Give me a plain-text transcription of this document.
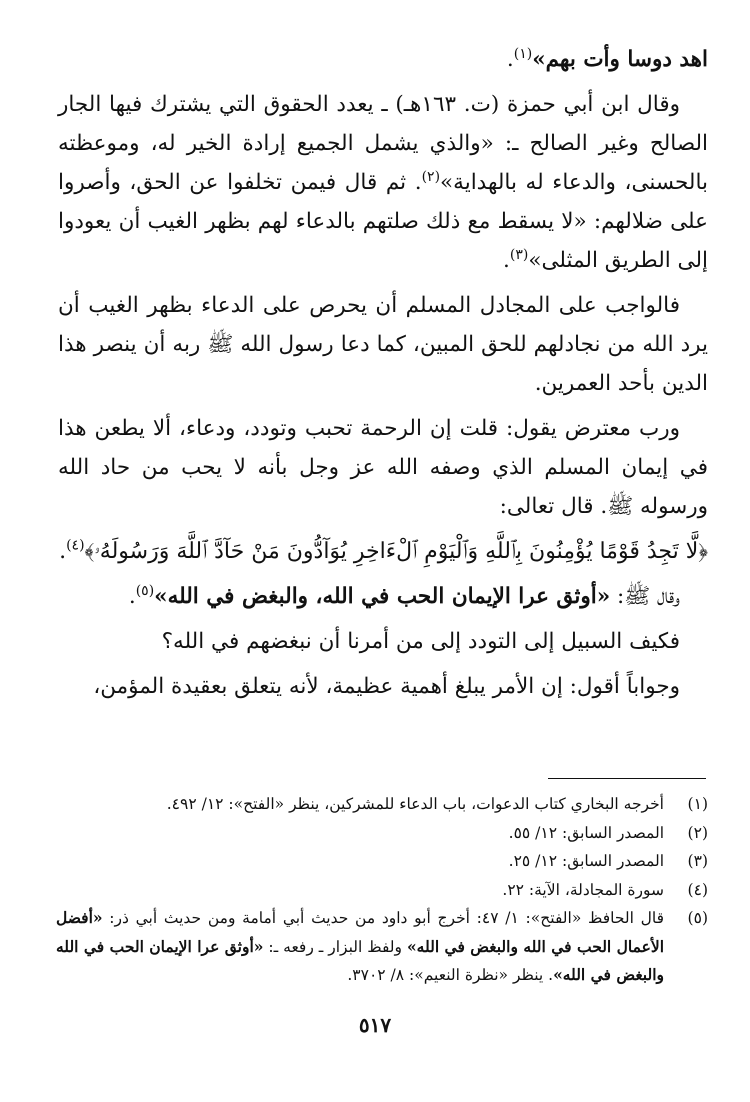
اهد دوسا وأت بهم»$^{(١)}$.

وقال ابن أبي حمزة (ت. ١٦٣هـ) ـ يعدد الحقوق التي يشترك فيها الجار الصالح وغير الصالح ـ: «والذي يشمل الجميع إرادة الخير له، وموعظته بالحسنى، والدعاء له بالهداية»$^{(٢)}$. ثم قال فيمن تخلفوا عن الحق، وأصروا على ضلالهم: «لا يسقط مع ذلك صلتهم بالدعاء لهم بظهر الغيب أن يعودوا إلى الطريق المثلى»$^{(٣)}$.

فالواجب على المجادل المسلم أن يحرص على الدعاء بظهر الغيب أن يرد الله من نجادلهم للحق المبين، كما دعا رسول الله ﷺ ربه أن ينصر هذا الدين بأحد العمرين.

ورب معترض يقول: قلت إن الرحمة تحبب وتودد، ودعاء، ألا يطعن هذا في إيمان المسلم الذي وصفه الله عز وجل بأنه لا يحب من حاد الله ورسوله ﷺ. قال تعالى:

﴿لَّا تَجِدُ قَوْمًا يُؤْمِنُونَ بِٱللَّهِ وَٱلْيَوْمِ ٱلْءَاخِرِ يُوَآدُّونَ مَنْ حَآدَّ ٱللَّهَ وَرَسُولَهُۥ﴾$^{(٤)}$.

وقال ﷺ: «أوثق عرا الإيمان الحب في الله، والبغض في الله»$^{(٥)}$.

فكيف السبيل إلى التودد إلى من أمرنا أن نبغضهم في الله؟

وجواباً أقول: إن الأمر يبلغ أهمية عظيمة، لأنه يتعلق بعقيدة المؤمن،

(١)
أخرجه البخاري كتاب الدعوات، باب الدعاء للمشركين، ينظر «الفتح»: ١٢/ ٤٩٢.
(٢)
المصدر السابق: ١٢/ ٥٥.
(٣)
المصدر السابق: ١٢/ ٢٥.
(٤)
سورة المجادلة، الآية: ٢٢.
(٥)
قال الحافظ «الفتح»: ١/ ٤٧: أخرج أبو داود من حديث أبي أمامة ومن حديث أبي ذر: «أفضل الأعمال الحب في الله والبغض في الله» ولفظ البزار ـ رفعه ـ: «أوثق عرا الإيمان الحب في الله والبغض في الله». ينظر «نظرة النعيم»: ٨/ ٣٧٠٢.
٥١٧
